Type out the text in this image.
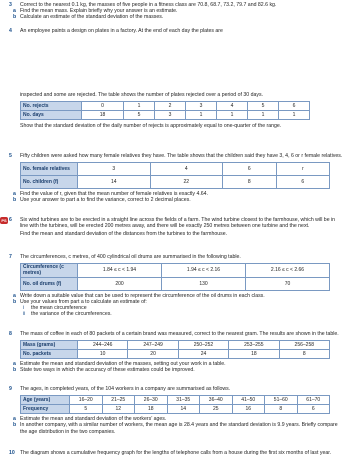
3 Correct to the nearest 0.1 kg, the masses of five people in a fitness class are 70.8, 68.7, 73.2, 79.7 and 82.6 kg.

a Find the mean mass. Explain briefly why your answer is an estimate.

b Calculate an estimate of the standard deviation of the masses.

4 An employee paints a design on plates in a factory. At the end of each day the plates are

inspected and some are rejected. The table shows the number of plates rejected over a period of 30 days.

No. rejects	0	1	2	3	4	5	6
No. days	18	5	3	1	1	1	1

Show that the standard deviation of the daily number of rejects is approximately equal to one-quarter of the range.

5 Fifty children were asked how many female relatives they have. The table shows that the children said they have 3, 4, 6 or r female relatives.

No. female relatives	3	4	6	r
No. children (f)	14	22	8	6
a Find the value of r, given that the mean number of female relatives is exactly 4.64.

b Use your answer to part a to find the variance, correct to 2 decimal places.

PS 6 Six wind turbines are to be erected in a straight line across the fields of a farm. The wind turbine closest to the farmhouse, which will be in line with the turbines, will be erected 200 metres away, and there will be exactly 250 metres between one turbine and the next.

Find the mean and standard deviation of the distances from the turbines to the farmhouse.

7 The circumferences, c metres, of 400 cylindrical oil drums are summarised in the following table.

Circumference (c metres)	1.84 ≤ c < 1.94	1.94 ≤ c < 2.16	2.16 ≤ c < 2.66
No. oil drums (f)	200	130	70
a Write down a suitable value that can be used to represent the circumference of the oil drums in each class.

b Use your values from part a to calculate an estimate of:

i the mean circumference

ii the variance of the circumferences.

8 The mass of coffee in each of 80 packets of a certain brand was measured, correct to the nearest gram. The results are shown in the table.

Mass (grams)	244–246	247–249	250–252	253–255	256–258
No. packets	10	20	24	18	8
a Estimate the mean and standard deviation of the masses, setting out your work in a table.

b State two ways in which the accuracy of these estimates could be improved.

9 The ages, in completed years, of the 104 workers in a company are summarised as follows.

Age (years)	16–20	21–25	26–30	31–35	36–40	41–50	51–60	61–70
Frequency	5	12	18	14	25	16	8	6
a Estimate the mean and standard deviation of the workers’ ages.

b In another company, with a similar number of workers, the mean age is 28.4 years and the standard deviation is 9.9 years. Briefly compare the age distribution in the two companies.

10 The diagram shows a cumulative frequency graph for the lengths of telephone calls from a house during the first six months of last year.
